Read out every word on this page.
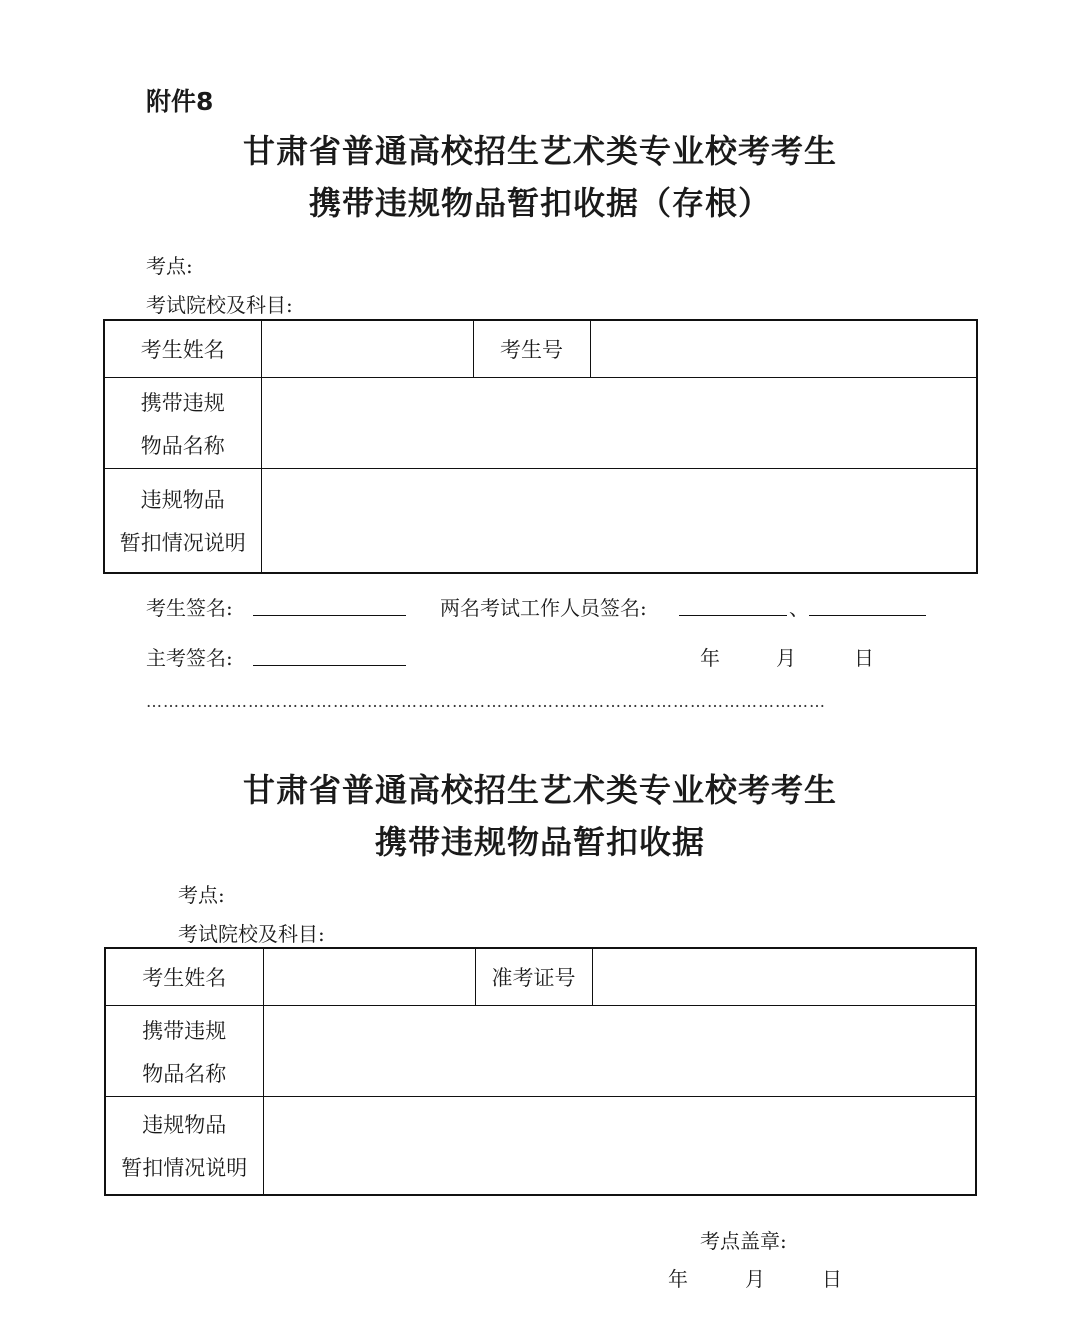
附件8
甘肃省普通高校招生艺术类专业校考考生
携带违规物品暂扣收据（存根）
考点:
考试院校及科目:
考生姓名		考生号	

携带违规
物品名称			

违规物品
暂扣情况说明			

考生签名:	两名考试工作人员签名:	、
主考签名:	年	月	日
…………………………………………………………………………………………………………
甘肃省普通高校招生艺术类专业校考考生
携带违规物品暂扣收据
考点:
考试院校及科目:
考生姓名		准考证号	

携带违规
物品名称			

违规物品
暂扣情况说明			

考点盖章:
年	月	日
